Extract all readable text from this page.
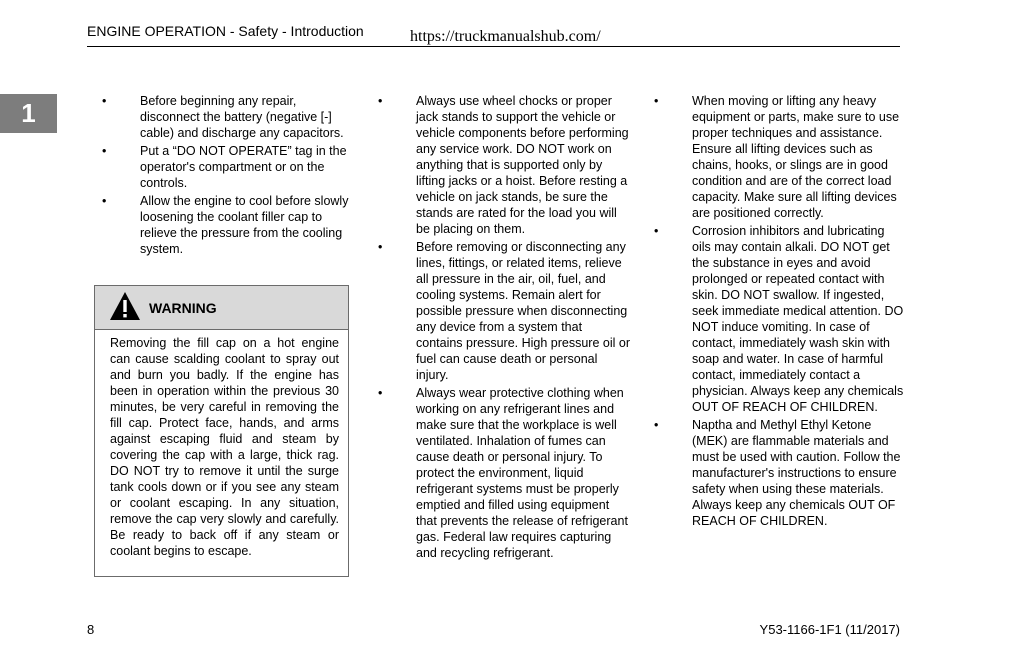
ENGINE OPERATION - Safety - Introduction	https://truckmanualshub.com/
1	•	Before beginning any repair, disconnect the battery (negative [-] cable) and discharge any capacitors.
•	Put a “DO NOT OPERATE” tag in the operator's compartment or on the controls.
•	Allow the engine to cool before slowly loosening the coolant filler cap to relieve the pressure from the cooling system.
WARNING
Removing the fill cap on a hot engine can cause scalding coolant to spray out and burn you badly. If the engine has been in operation within the previous 30 minutes, be very careful in removing the fill cap. Protect face, hands, and arms against escaping fluid and steam by covering the cap with a large, thick rag. DO NOT try to remove it until the surge tank cools down or if you see any steam or coolant escaping. In any situation, remove the cap very slowly and carefully. Be ready to back off if any steam or coolant begins to escape.
•	Always use wheel chocks or proper jack stands to support the vehicle or vehicle components before performing any service work. DO NOT work on anything that is supported only by lifting jacks or a hoist. Before resting a vehicle on jack stands, be sure the stands are rated for the load you will be placing on them.
•	Before removing or disconnecting any lines, fittings, or related items, relieve all pressure in the air, oil, fuel, and cooling systems. Remain alert for possible pressure when disconnecting any device from a system that contains pressure. High pressure oil or fuel can cause death or personal injury.
•	Always wear protective clothing when working on any refrigerant lines and make sure that the workplace is well ventilated. Inhalation of fumes can cause death or personal injury. To protect the environment, liquid refrigerant systems must be properly emptied and filled using equipment that prevents the release of refrigerant gas. Federal law requires capturing and recycling refrigerant.
•	When moving or lifting any heavy equipment or parts, make sure to use proper techniques and assistance. Ensure all lifting devices such as chains, hooks, or slings are in good condition and are of the correct load capacity. Make sure all lifting devices are positioned correctly.
•	Corrosion inhibitors and lubricating oils may contain alkali. DO NOT get the substance in eyes and avoid prolonged or repeated contact with skin. DO NOT swallow. If ingested, seek immediate medical attention. DO NOT induce vomiting. In case of contact, immediately wash skin with soap and water. In case of harmful contact, immediately contact a physician. Always keep any chemicals OUT OF REACH OF CHILDREN.
•	Naptha and Methyl Ethyl Ketone (MEK) are flammable materials and must be used with caution. Follow the manufacturer's instructions to ensure safety when using these materials. Always keep any chemicals OUT OF REACH OF CHILDREN.
8	Y53-1166-1F1 (11/2017)
